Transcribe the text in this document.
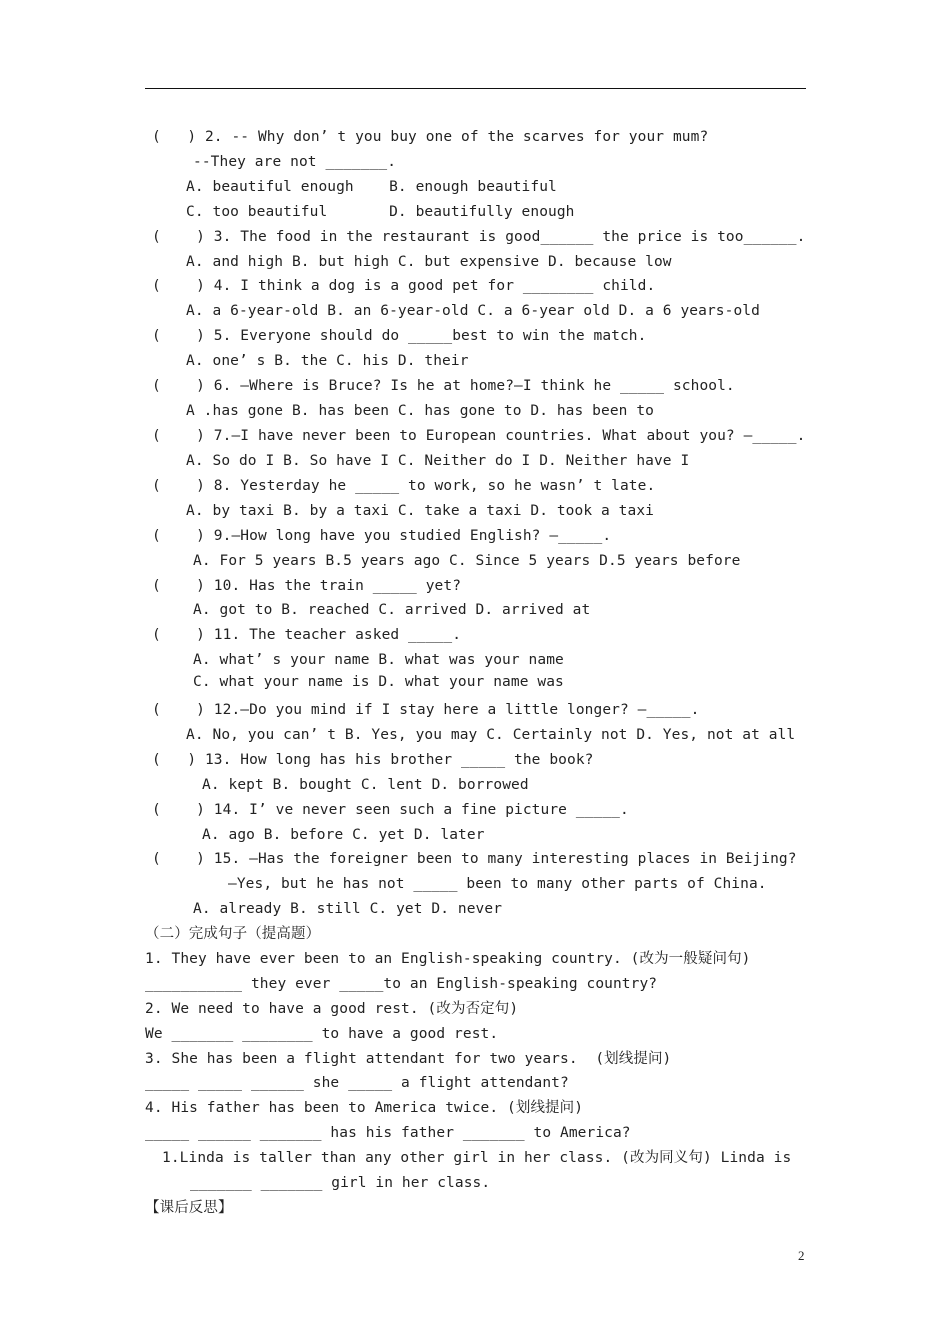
(   ) 2. -- Why don’ t you buy one of the scarves for your mum?
--They are not _______.
A. beautiful enough    B. enough beautiful
C. too beautiful       D. beautifully enough
(    ) 3. The food in the restaurant is good______ the price is too______.
A. and high B. but high C. but expensive D. because low
(    ) 4. I think a dog is a good pet for ________ child.
A. a 6-year-old B. an 6-year-old C. a 6-year old D. a 6 years-old
(    ) 5. Everyone should do _____best to win the match.
A. one’ s B. the C. his D. their
(    ) 6. —Where is Bruce? Is he at home?—I think he _____ school.
A .has gone B. has been C. has gone to D. has been to
(    ) 7.—I have never been to European countries. What about you? —_____.
A. So do I B. So have I C. Neither do I D. Neither have I
(    ) 8. Yesterday he _____ to work, so he wasn’ t late.
A. by taxi B. by a taxi C. take a taxi D. took a taxi
(    ) 9.—How long have you studied English? —_____.
A. For 5 years B.5 years ago C. Since 5 years D.5 years before
(    ) 10. Has the train _____ yet?
A. got to B. reached C. arrived D. arrived at
(    ) 11. The teacher asked _____.
A. what’ s your name B. what was your name
C. what your name is D. what your name was
(    ) 12.—Do you mind if I stay here a little longer? —_____.
A. No, you can’ t B. Yes, you may C. Certainly not D. Yes, not at all
(   ) 13. How long has his brother _____ the book?
A. kept B. bought C. lent D. borrowed
(    ) 14. I’ ve never seen such a fine picture _____.
A. ago B. before C. yet D. later
(    ) 15. —Has the foreigner been to many interesting places in Beijing?
—Yes, but he has not _____ been to many other parts of China.
A. already B. still C. yet D. never
（二）完成句子（提高题）
1. They have ever been to an English-speaking country. (改为一般疑问句)
___________ they ever _____to an English-speaking country?
2. We need to have a good rest. (改为否定句)
We _______ ________ to have a good rest.
3. She has been a flight attendant for two years.  (划线提问)
_____ _____ ______ she _____ a flight attendant?
4. His father has been to America twice. (划线提问)
_____ ______ _______ has his father _______ to America?
1.Linda is taller than any other girl in her class. (改为同义句) Linda is
_______ _______ girl in her class.
【课后反思】
2
